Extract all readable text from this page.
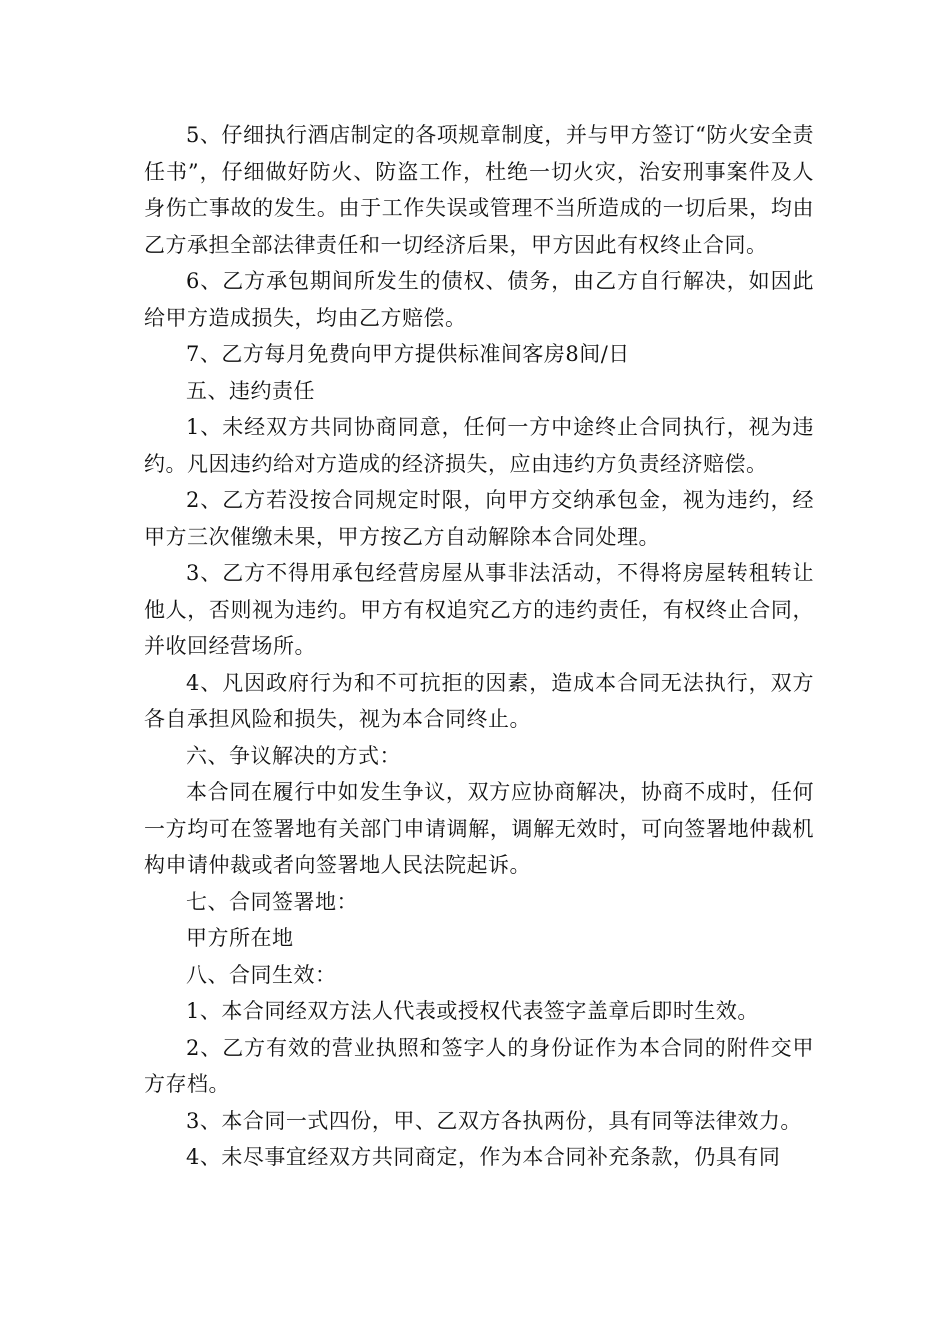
5、仔细执行酒店制定的各项规章制度，并与甲方签订“防火安全责任书”，仔细做好防火、防盗工作，杜绝一切火灾，治安刑事案件及人身伤亡事故的发生。由于工作失误或管理不当所造成的一切后果，均由乙方承担全部法律责任和一切经济后果，甲方因此有权终止合同。

6、乙方承包期间所发生的债权、债务，由乙方自行解决，如因此给甲方造成损失，均由乙方赔偿。

7、乙方每月免费向甲方提供标准间客房8间/日

五、违约责任

1、未经双方共同协商同意，任何一方中途终止合同执行，视为违约。凡因违约给对方造成的经济损失，应由违约方负责经济赔偿。

2、乙方若没按合同规定时限，向甲方交纳承包金，视为违约，经甲方三次催缴未果，甲方按乙方自动解除本合同处理。

3、乙方不得用承包经营房屋从事非法活动，不得将房屋转租转让他人，否则视为违约。甲方有权追究乙方的违约责任，有权终止合同，并收回经营场所。

4、凡因政府行为和不可抗拒的因素，造成本合同无法执行，双方各自承担风险和损失，视为本合同终止。

六、争议解决的方式：

本合同在履行中如发生争议，双方应协商解决，协商不成时，任何一方均可在签署地有关部门申请调解，调解无效时，可向签署地仲裁机构申请仲裁或者向签署地人民法院起诉。

七、合同签署地：

甲方所在地

八、合同生效：

1、本合同经双方法人代表或授权代表签字盖章后即时生效。

2、乙方有效的营业执照和签字人的身份证作为本合同的附件交甲方存档。

3、本合同一式四份，甲、乙双方各执两份，具有同等法律效力。

4、未尽事宜经双方共同商定，作为本合同补充条款，仍具有同
